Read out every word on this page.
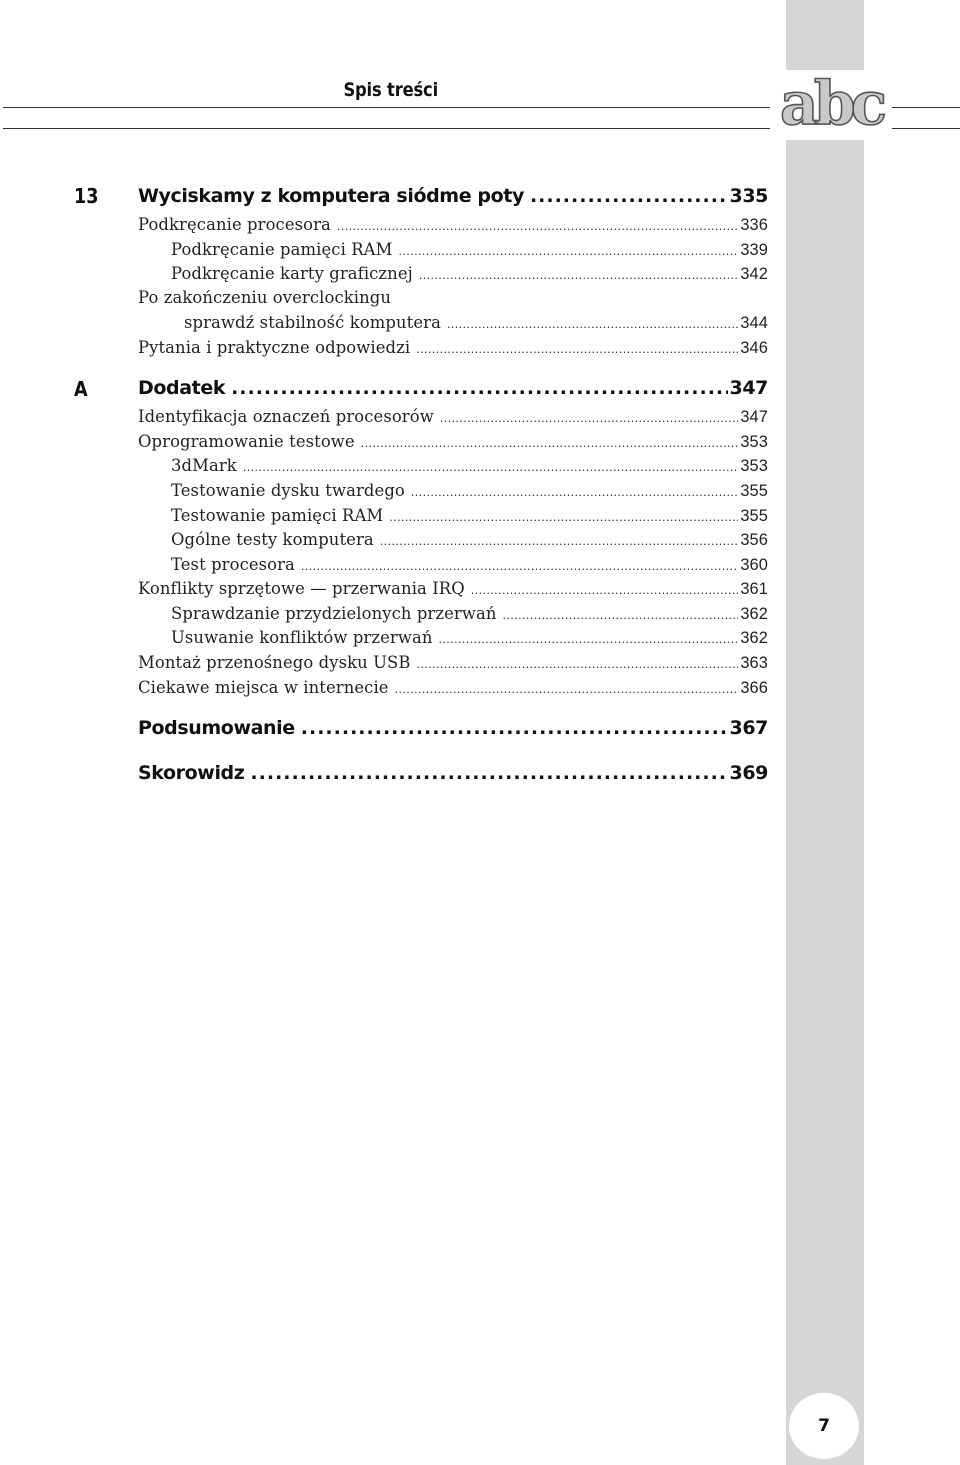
Spis treści	abc
13	Wyciskamy z komputera siódme poty .....	335
Podkręcanie procesora .....	336
Podkręcanie pamięci RAM .....	339
Podkręcanie karty graficznej .....	342
Po zakończeniu overclockingu
sprawdź stabilność komputera .....	344
Pytania i praktyczne odpowiedzi .....	346
A	Dodatek .....	347
Identyfikacja oznaczeń procesorów .....	347
Oprogramowanie testowe .....	353
3dMark .....	353
Testowanie dysku twardego .....	355
Testowanie pamięci RAM .....	355
Ogólne testy komputera .....	356
Test procesora .....	360
Konflikty sprzętowe — przerwania IRQ .....	361
Sprawdzanie przydzielonych przerwań .....	362
Usuwanie konfliktów przerwań .....	362
Montaż przenośnego dysku USB .....	363
Ciekawe miejsca w internecie .....	366
Podsumowanie .....	367
Skorowidz .....	369
7
